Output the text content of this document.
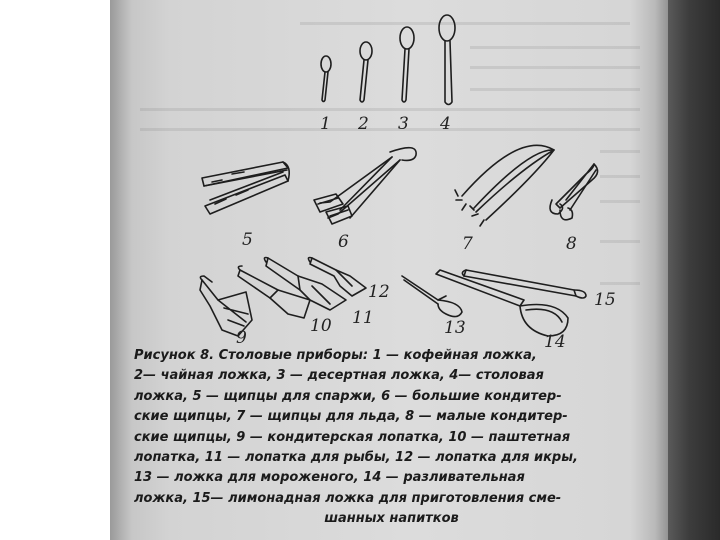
1 2 3 4
5	6	7	8
9
10 11
12
13
14
15

Рисунок 8. Столовые приборы: 1 — кофейная ложка,

2— чайная ложка, 3 — десертная ложка, 4— столовая

ложка, 5 — щипцы для спаржи, 6 — большие кондитер-

ские щипцы, 7 — щипцы для льда, 8 — малые кондитер-

ские щипцы, 9 — кондитерская лопатка, 10 — паштетная

лопатка, 11 — лопатка для рыбы, 12 — лопатка для икры,

13 — ложка для мороженого, 14 — разливательная

ложка, 15— лимонадная ложка для приготовления сме-

шанных напитков
